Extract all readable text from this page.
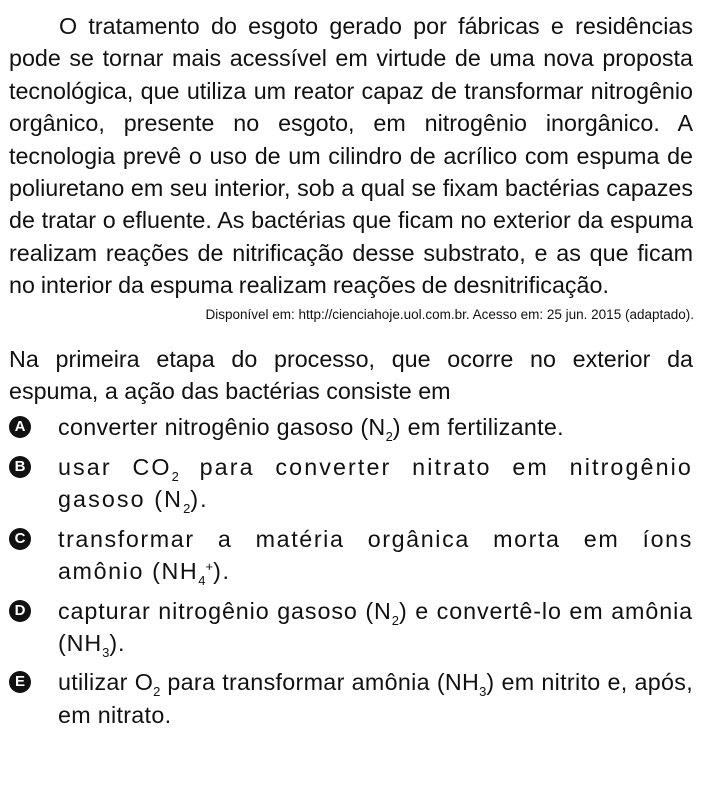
O tratamento do esgoto gerado por fábricas e residências pode se tornar mais acessível em virtude de uma nova proposta tecnológica, que utiliza um reator capaz de transformar nitrogênio orgânico, presente no esgoto, em nitrogênio inorgânico. A tecnologia prevê o uso de um cilindro de acrílico com espuma de poliuretano em seu interior, sob a qual se fixam bactérias capazes de tratar o efluente. As bactérias que ficam no exterior da espuma realizam reações de nitrificação desse substrato, e as que ficam no interior da espuma realizam reações de desnitrificação.

Disponível em: http://cienciahoje.uol.com.br. Acesso em: 25 jun. 2015 (adaptado).
Na primeira etapa do processo, que ocorre no exterior da espuma, a ação das bactérias consiste em
A converter nitrogênio gasoso $(N_2)$ em fertilizante.
B usar $CO_2$ para converter nitrato em nitrogênio gasoso $(N_2)$.
C transformar a matéria orgânica morta em íons amônio $(NH_4^+)$.
D capturar nitrogênio gasoso $(N_2)$ e convertê-lo em amônia $(NH_3)$.
E utilizar $O_2$ para transformar amônia $(NH_3)$ em nitrito e, após, em nitrato.
